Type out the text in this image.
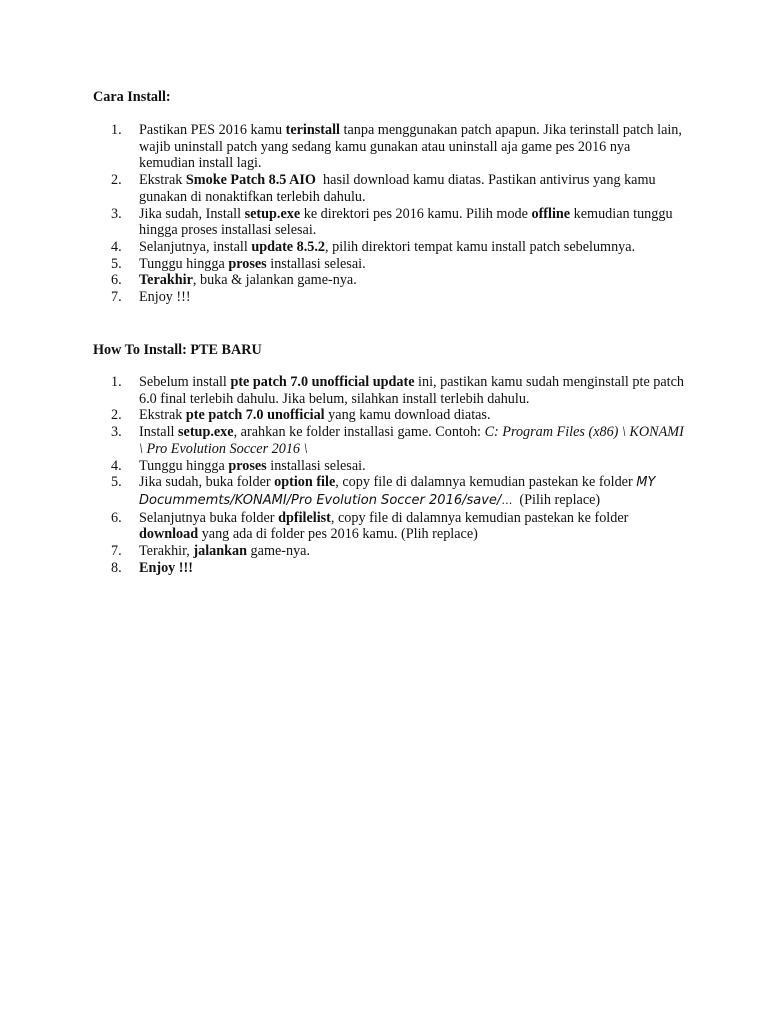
Cara Install:
1.	Pastikan PES 2016 kamu terinstall tanpa menggunakan patch apapun. Jika terinstall patch lain, wajib uninstall patch yang sedang kamu gunakan atau uninstall aja game pes 2016 nya kemudian install lagi.
2.	Ekstrak Smoke Patch 8.5 AIO  hasil download kamu diatas. Pastikan antivirus yang kamu gunakan di nonaktifkan terlebih dahulu.
3.	Jika sudah, Install setup.exe ke direktori pes 2016 kamu. Pilih mode offline kemudian tunggu hingga proses installasi selesai.
4.	Selanjutnya, install update 8.5.2, pilih direktori tempat kamu install patch sebelumnya.
5.	Tunggu hingga proses installasi selesai.
6.	Terakhir, buka & jalankan game-nya.
7.	Enjoy !!!
How To Install: PTE BARU
1.	Sebelum install pte patch 7.0 unofficial update ini, pastikan kamu sudah menginstall pte patch 6.0 final terlebih dahulu. Jika belum, silahkan install terlebih dahulu.
2.	Ekstrak pte patch 7.0 unofficial yang kamu download diatas.
3.	Install setup.exe, arahkan ke folder installasi game. Contoh: C: Program Files (x86) \ KONAMI \ Pro Evolution Soccer 2016 \
4.	Tunggu hingga proses installasi selesai.
5.	Jika sudah, buka folder option file, copy file di dalamnya kemudian pastekan ke folder MY Docummemts/KONAMI/Pro Evolution Soccer 2016/save/…  (Pilih replace)
6.	Selanjutnya buka folder dpfilelist, copy file di dalamnya kemudian pastekan ke folder download yang ada di folder pes 2016 kamu. (Plih replace)
7.	Terakhir, jalankan game-nya.
8.	Enjoy !!!
